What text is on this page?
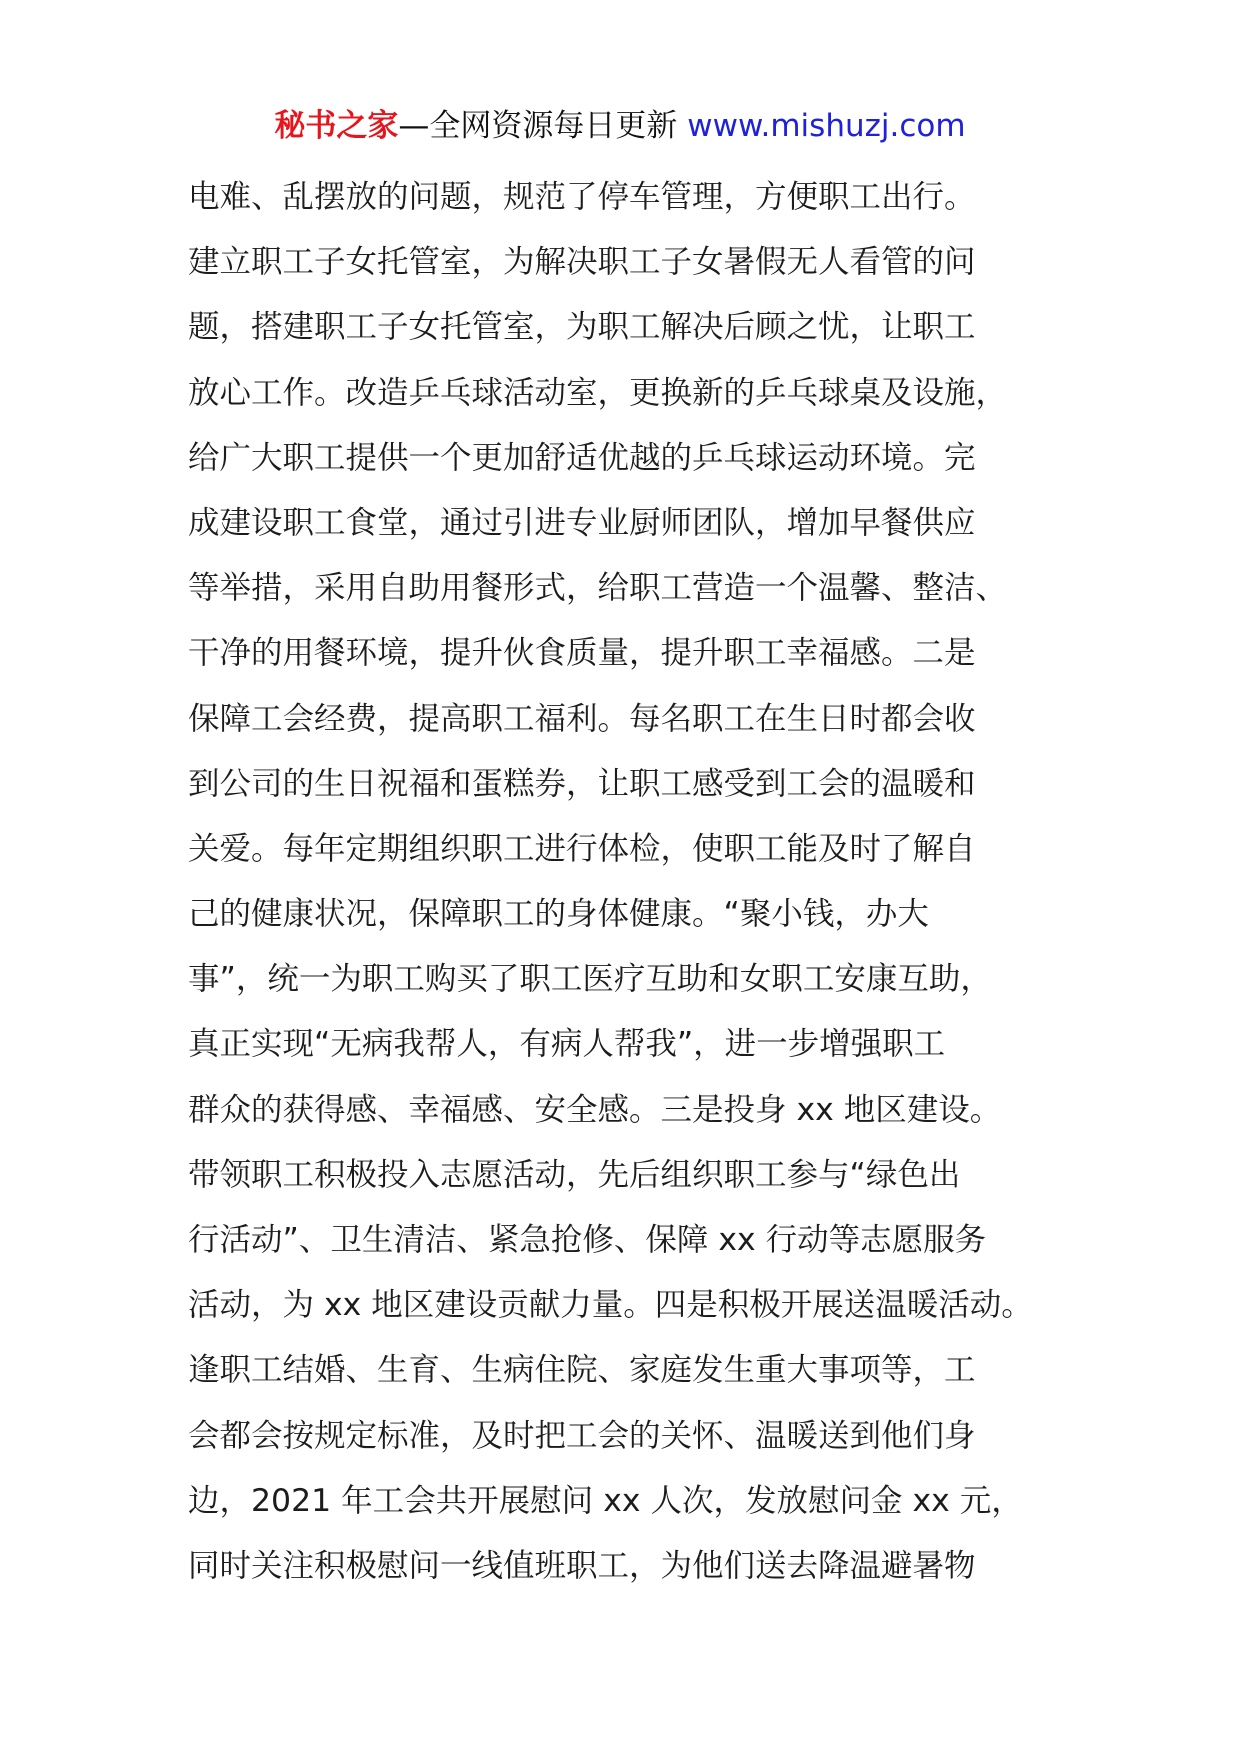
秘书之家—全网资源每日更新 www.mishuzj.com
电难、乱摆放的问题，规范了停车管理，方便职工出行。
建立职工子女托管室，为解决职工子女暑假无人看管的问
题，搭建职工子女托管室，为职工解决后顾之忧，让职工
放心工作。改造乒乓球活动室，更换新的乒乓球桌及设施，
给广大职工提供一个更加舒适优越的乒乓球运动环境。完
成建设职工食堂，通过引进专业厨师团队，增加早餐供应
等举措，采用自助用餐形式，给职工营造一个温馨、整洁、
干净的用餐环境，提升伙食质量，提升职工幸福感。二是
保障工会经费，提高职工福利。每名职工在生日时都会收
到公司的生日祝福和蛋糕券，让职工感受到工会的温暖和
关爱。每年定期组织职工进行体检，使职工能及时了解自
己的健康状况，保障职工的身体健康。“聚小钱，办大
事”，统一为职工购买了职工医疗互助和女职工安康互助，
真正实现“无病我帮人，有病人帮我”，进一步增强职工
群众的获得感、幸福感、安全感。三是投身 xx 地区建设。
带领职工积极投入志愿活动，先后组织职工参与“绿色出
行活动”、卫生清洁、紧急抢修、保障 xx 行动等志愿服务
活动，为 xx 地区建设贡献力量。四是积极开展送温暖活动。
逢职工结婚、生育、生病住院、家庭发生重大事项等，工
会都会按规定标准，及时把工会的关怀、温暖送到他们身
边，2021 年工会共开展慰问 xx 人次，发放慰问金 xx 元，
同时关注积极慰问一线值班职工，为他们送去降温避暑物
